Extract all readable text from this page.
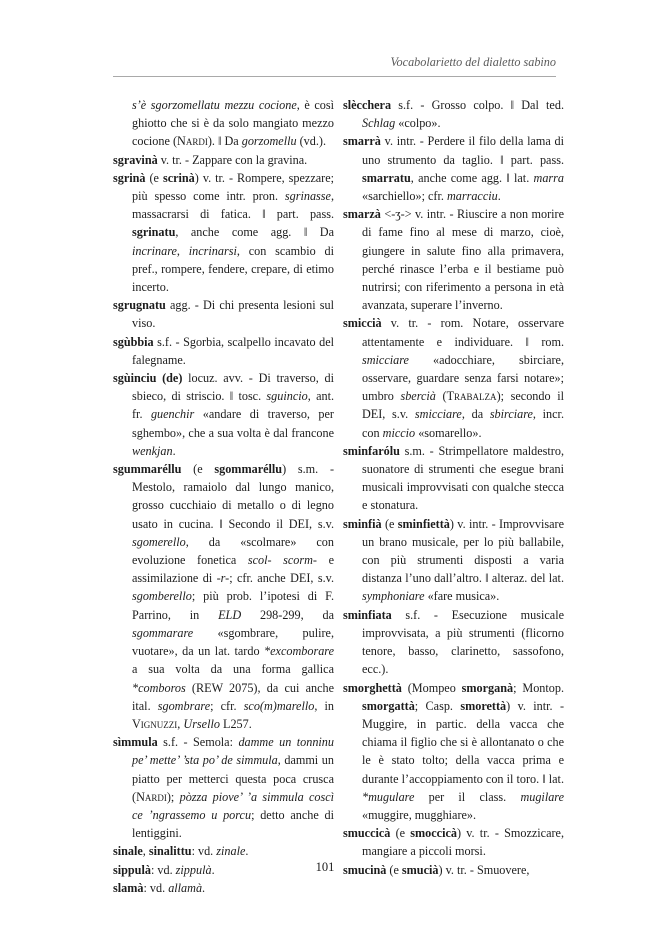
Vocabolarietto del dialetto sabino
s’è sgorzomellatu mezzu cocione, è così ghiotto che si è da solo mangiato mezzo cocione (Nardi). ‖ Da gorzomellu (vd.).
sgravinà v. tr. - Zappare con la gravina.
sgrinà (e scrinà) v. tr. - Rompere, spezzare; più spesso come intr. pron. sgrinasse, massacrarsi di fatica. ‖ part. pass. sgrinatu, anche come agg. ‖ Da incrinare, incrinarsi, con scambio di pref., rompere, fendere, crepare, di etimo incerto.
sgrugnatu agg. - Di chi presenta lesioni sul viso.
sgùbbia s.f. - Sgorbia, scalpello incavato del falegname.
sgùinciu (de) locuz. avv. - Di traverso, di sbieco, di striscio. ‖ tosc. sguincio, ant. fr. guenchir «andare di traverso, per sghembo», che a sua volta è dal francone wenkjan.
sgummaréllu (e sgommaréllu) s.m. - Mestolo, ramaiolo dal lungo manico, grosso cucchiaio di metallo o di legno usato in cucina. ‖ Secondo il DEI, s.v. sgomerello, da «scolmare» con evoluzione fonetica scol- scorm- e assimilazione di -r-; cfr. anche DEI, s.v. sgomberello; più prob. l’ipotesi di F. Parrino, in ELD 298-299, da sgommarare «sgombrare, pulire, vuotare», da un lat. tardo *excomborare a sua volta da una forma gallica *comboros (REW 2075), da cui anche ital. sgombrare; cfr. sco(m)marello, in Vignuzzi, Ursello L257.
sìmmula s.f. - Semola: damme un tonninu pe’ mette’ ’sta po’ de simmula, dammi un piatto per metterci questa poca crusca (Nardi); pòzza piove’ ’a simmula coscì ce ’ngrassemo u porcu; detto anche di lentiggini.
sinale, sinalittu: vd. zinale.
sippulà: vd. zippulà.
slamà: vd. allamà.
slècchera s.f. - Grosso colpo. ‖ Dal ted. Schlag «colpo».
smarrà v. intr. - Perdere il filo della lama di uno strumento da taglio. ‖ part. pass. smarratu, anche come agg. ‖ lat. marra «sarchiello»; cfr. marracciu.
smarzà <-ʒ-> v. intr. - Riuscire a non morire di fame fino al mese di marzo, cioè, giungere in salute fino alla primavera, perché rinasce l’erba e il bestiame può nutrirsi; con riferimento a persona in età avanzata, superare l’inverno.
smiccià v. tr. - rom. Notare, osservare attentamente e individuare. ‖ rom. smicciare «adocchiare, sbirciare, osservare, guardare senza farsi notare»; umbro sbercià (Trabalza); secondo il DEI, s.v. smicciare, da sbirciare, incr. con miccio «somarello».
sminfarólu s.m. - Strimpellatore maldestro, suonatore di strumenti che esegue brani musicali improvvisati con qualche stecca e stonatura.
sminfià (e sminfiettà) v. intr. - Improvvisare un brano musicale, per lo più ballabile, con più strumenti disposti a varia distanza l’uno dall’altro. ‖ alteraz. del lat. symphoniare «fare musica».
sminfiata s.f. - Esecuzione musicale improvvisata, a più strumenti (flicorno tenore, basso, clarinetto, sassofono, ecc.).
smorghettà (Mompeo smorganà; Montop. smorgattà; Casp. smorettà) v. intr. - Muggire, in partic. della vacca che chiama il figlio che si è allontanato o che le è stato tolto; della vacca prima e durante l’accoppiamento con il toro. ‖ lat. *mugulare per il class. mugilare «muggire, mugghiare».
smuccicà (e smoccicà) v. tr. - Smozzicare, mangiare a piccoli morsi.
smucinà (e smucià) v. tr. - Smuovere,
101
